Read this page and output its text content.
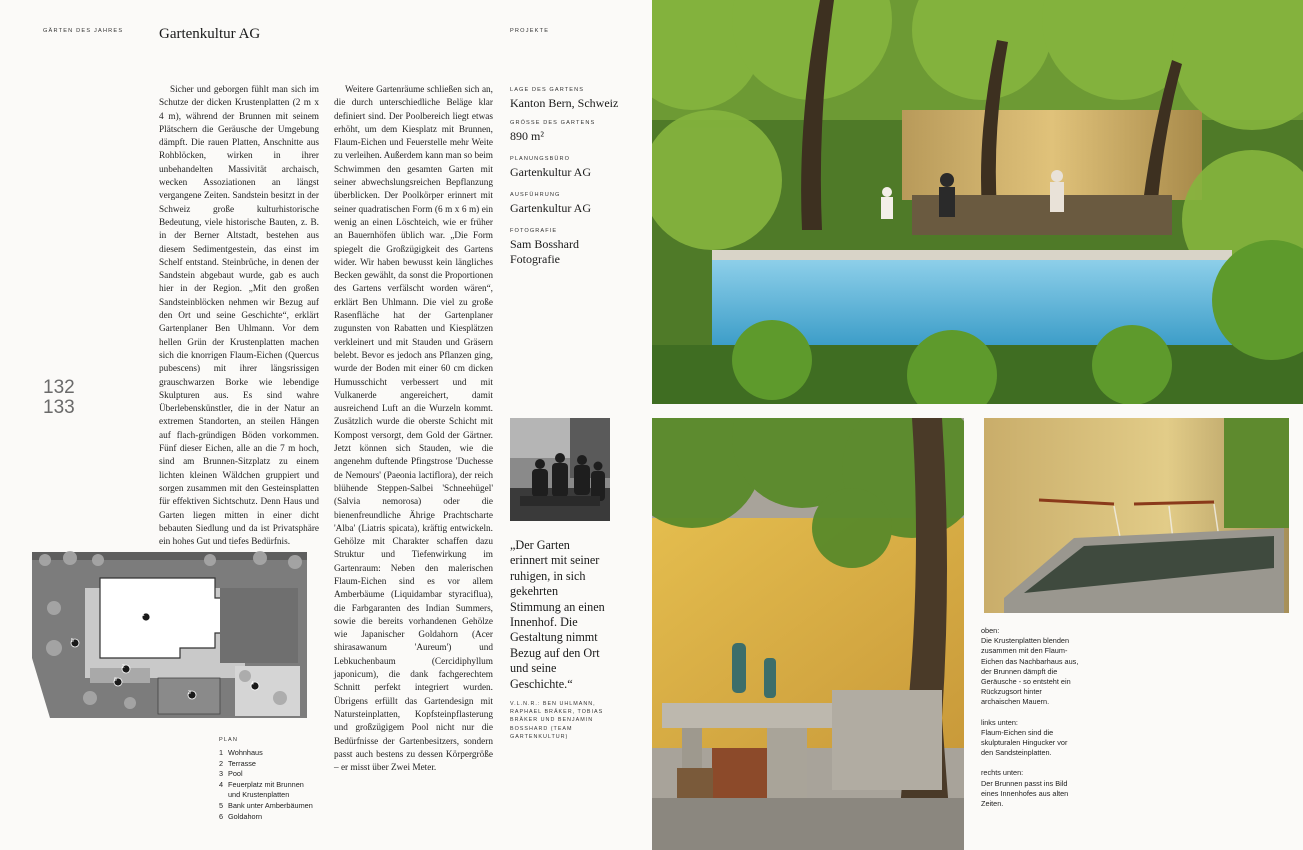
GÄRTEN DES JAHRES Gartenkultur AG	PROJEKTE
132
133

Sicher und geborgen fühlt man sich im Schutze der dicken Krustenplatten (2 m x 4 m), während der Brunnen mit seinem Plätschern die Geräusche der Umgebung dämpft. Die rauen Platten, Anschnitte aus Rohblöcken, wirken in ihrer unbehandelten Massivität archaisch, wecken Assoziationen an längst vergangene Zeiten. Sandstein besitzt in der Schweiz große kulturhistorische Bedeutung, viele historische Bauten, z. B. in der Berner Altstadt, bestehen aus diesem Sedimentgestein, das einst im Schelf entstand. Steinbrüche, in denen der Sandstein abgebaut wurde, gab es auch hier in der Region. „Mit den großen Sandsteinblöcken nehmen wir Bezug auf den Ort und seine Geschichte“, erklärt Gartenplaner Ben Uhlmann. Vor dem hellen Grün der Krustenplatten machen sich die knorrigen Flaum-Eichen (Quercus pubescens) mit ihrer längsrissigen grauschwarzen Borke wie lebendige Skulpturen aus. Es sind wahre Überlebenskünstler, die in der Natur an extremen Standorten, an steilen Hängen auf flach-gründigen Böden vorkommen. Fünf dieser Eichen, alle an die 7 m hoch, sind am Brunnen-Sitzplatz zu einem lichten kleinen Wäldchen gruppiert und sorgen zusammen mit den Gesteinsplatten für effektiven Sichtschutz. Denn Haus und Garten liegen mitten in einer dicht bebauten Siedlung und da ist Privatsphäre ein hohes Gut und tiefes Bedürfnis.

Weitere Gartenräume schließen sich an, die durch unterschiedliche Beläge klar definiert sind. Der Poolbereich liegt etwas erhöht, um dem Kiesplatz mit Brunnen, Flaum-Eichen und Feuerstelle mehr Weite zu verleihen. Außerdem kann man so beim Schwimmen den gesamten Garten mit seiner abwechslungsreichen Bepflanzung überblicken. Der Poolkörper erinnert mit seiner quadratischen Form (6 m x 6 m) ein wenig an einen Löschteich, wie er früher an Bauernhöfen üblich war. „Die Form spiegelt die Großzügigkeit des Gartens wider. Wir haben bewusst kein längliches Becken gewählt, da sonst die Proportionen des Gartens verfälscht worden wären“, erklärt Ben Uhlmann. Die viel zu große Rasenfläche hat der Gartenplaner zugunsten von Rabatten und Kiesplätzen verkleinert und mit Stauden und Gräsern belebt. Bevor es jedoch ans Pflanzen ging, wurde der Boden mit einer 60 cm dicken Humusschicht verbessert und mit Vulkanerde angereichert, damit ausreichend Luft an die Wurzeln kommt. Zusätzlich wurde die oberste Schicht mit Kompost versorgt, dem Gold der Gärtner. Jetzt können sich Stauden, wie die angenehm duftende Pfingstrose 'Duchesse de Nemours' (Paeonia lactiflora), der reich blühende Steppen-Salbei 'Schneehügel' (Salvia nemorosa) oder die bienenfreundliche Ährige Prachtscharte 'Alba' (Liatris spicata), kräftig entwickeln. Gehölze mit Charakter schaffen dazu Struktur und Tiefenwirkung im Gartenraum: Neben den malerischen Flaum-Eichen sind es vor allem Amberbäume (Liquidambar styraciflua), die Farbgaranten des Indian Summers, sowie die bereits vorhandenen Gehölze wie Japanischer Goldahorn (Acer shirasawanum 'Aureum') und Lebkuchenbaum (Cercidiphyllum japonicum), die dank fachgerechtem Schnitt perfekt integriert wurden. Übrigens erfüllt das Gartendesign mit Natursteinplatten, Kopfsteinpflasterung und großzügigem Pool nicht nur die Bedürfnisse der Gartenbesitzers, sondern passt auch bestens zu dessen Körpergröße – er misst über Zwei Meter.

LAGE DES GARTENS
Kanton Bern, Schweiz
GRÖSSE DES GARTENS
890 m²
PLANUNGSBÜRO
Gartenkultur AG
AUSFÜHRUNG
Gartenkultur AG
FOTOGRAFIE
Sam Bosshard Fotografie
„Der Garten erinnert mit seiner ruhigen, in sich gekehrten Stimmung an einen Innenhof. Die Gestaltung nimmt Bezug auf den Ort und seine Geschichte.“
V.L.N.R.: BEN UHLMANN, RAPHAEL BRÄKER, TOBIAS BRÄKER UND BENJAMIN BOSSHARD (TEAM GARTENKULTUR)
1
2
3
4
5
6
PLAN
1 Wohnhaus
2 Terrasse
3 Pool
4 Feuerplatz mit Brunnen
und Krustenplatten
5 Bank unter Amberbäumen
6 Goldahorn
oben:
Die Krustenplatten blenden zusammen mit den Flaum-Eichen das Nachbarhaus aus, der Brunnen dämpft die Geräusche - so entsteht ein Rückzugsort hinter archaischen Mauern.
links unten:
Flaum-Eichen sind die skulpturalen Hingucker vor den Sandsteinplatten.
rechts unten:
Der Brunnen passt ins Bild eines Innenhofes aus alten Zeiten.
